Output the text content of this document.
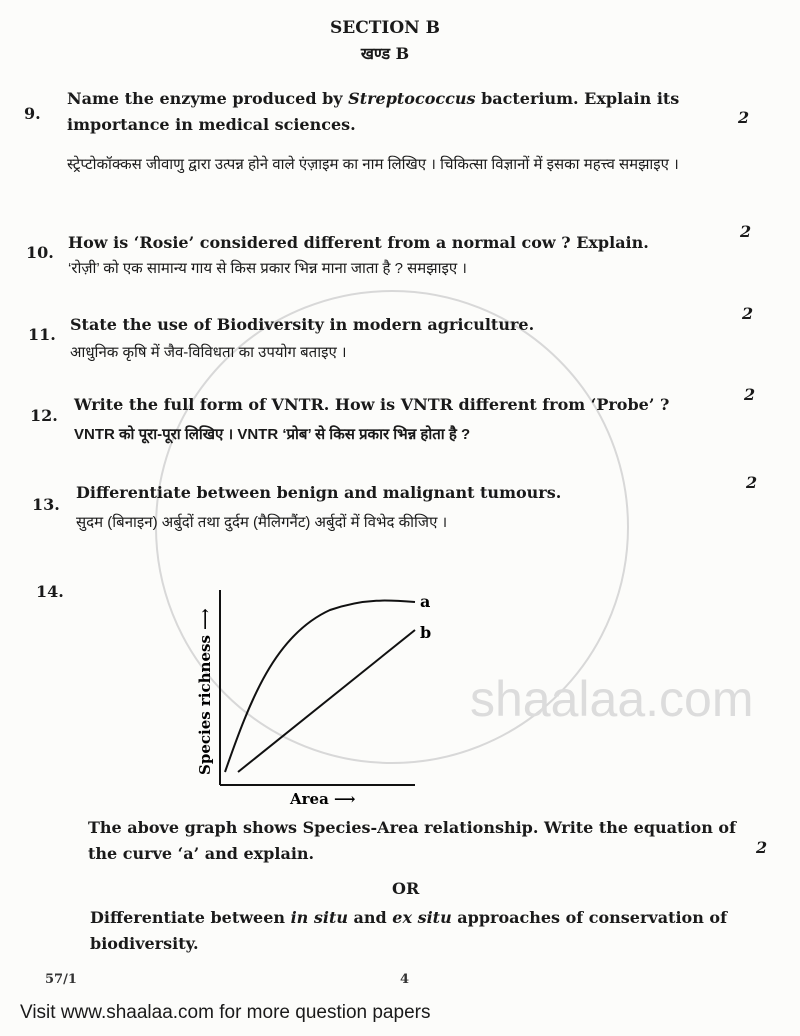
shaalaa.com
SECTION B
खण्ड B
9.
Name the enzyme produced by Streptococcus bacterium. Explain its importance in medical sciences.
स्ट्रेप्टोकॉक्कस जीवाणु द्वारा उत्पन्न होने वाले एंज़ाइम का नाम लिखिए । चिकित्सा विज्ञानों में इसका महत्त्व समझाइए ।
2
10.
How is ‘Rosie’ considered different from a normal cow ? Explain.
‘रोज़ी’ को एक सामान्य गाय से किस प्रकार भिन्न माना जाता है ? समझाइए ।
2
11.
State the use of Biodiversity in modern agriculture.
आधुनिक कृषि में जैव-विविधता का उपयोग बताइए ।
2
12.
Write the full form of VNTR. How is VNTR different from ‘Probe’ ?
VNTR को पूरा-पूरा लिखिए । VNTR ‘प्रोब’ से किस प्रकार भिन्न होता है ?
2
13.
Differentiate between benign and malignant tumours.
सुदम (बिनाइन) अर्बुदों तथा दुर्दम (मैलिगनैंट) अर्बुदों में विभेद कीजिए ।
2
14.
a
b
Area ⟶
Species richness ⟶
The above graph shows Species-Area relationship. Write the equation of the curve ‘a’ and explain.	2
OR
Differentiate between in situ and ex situ approaches of conservation of biodiversity.
57/1	4
Visit www.shaalaa.com for more question papers
